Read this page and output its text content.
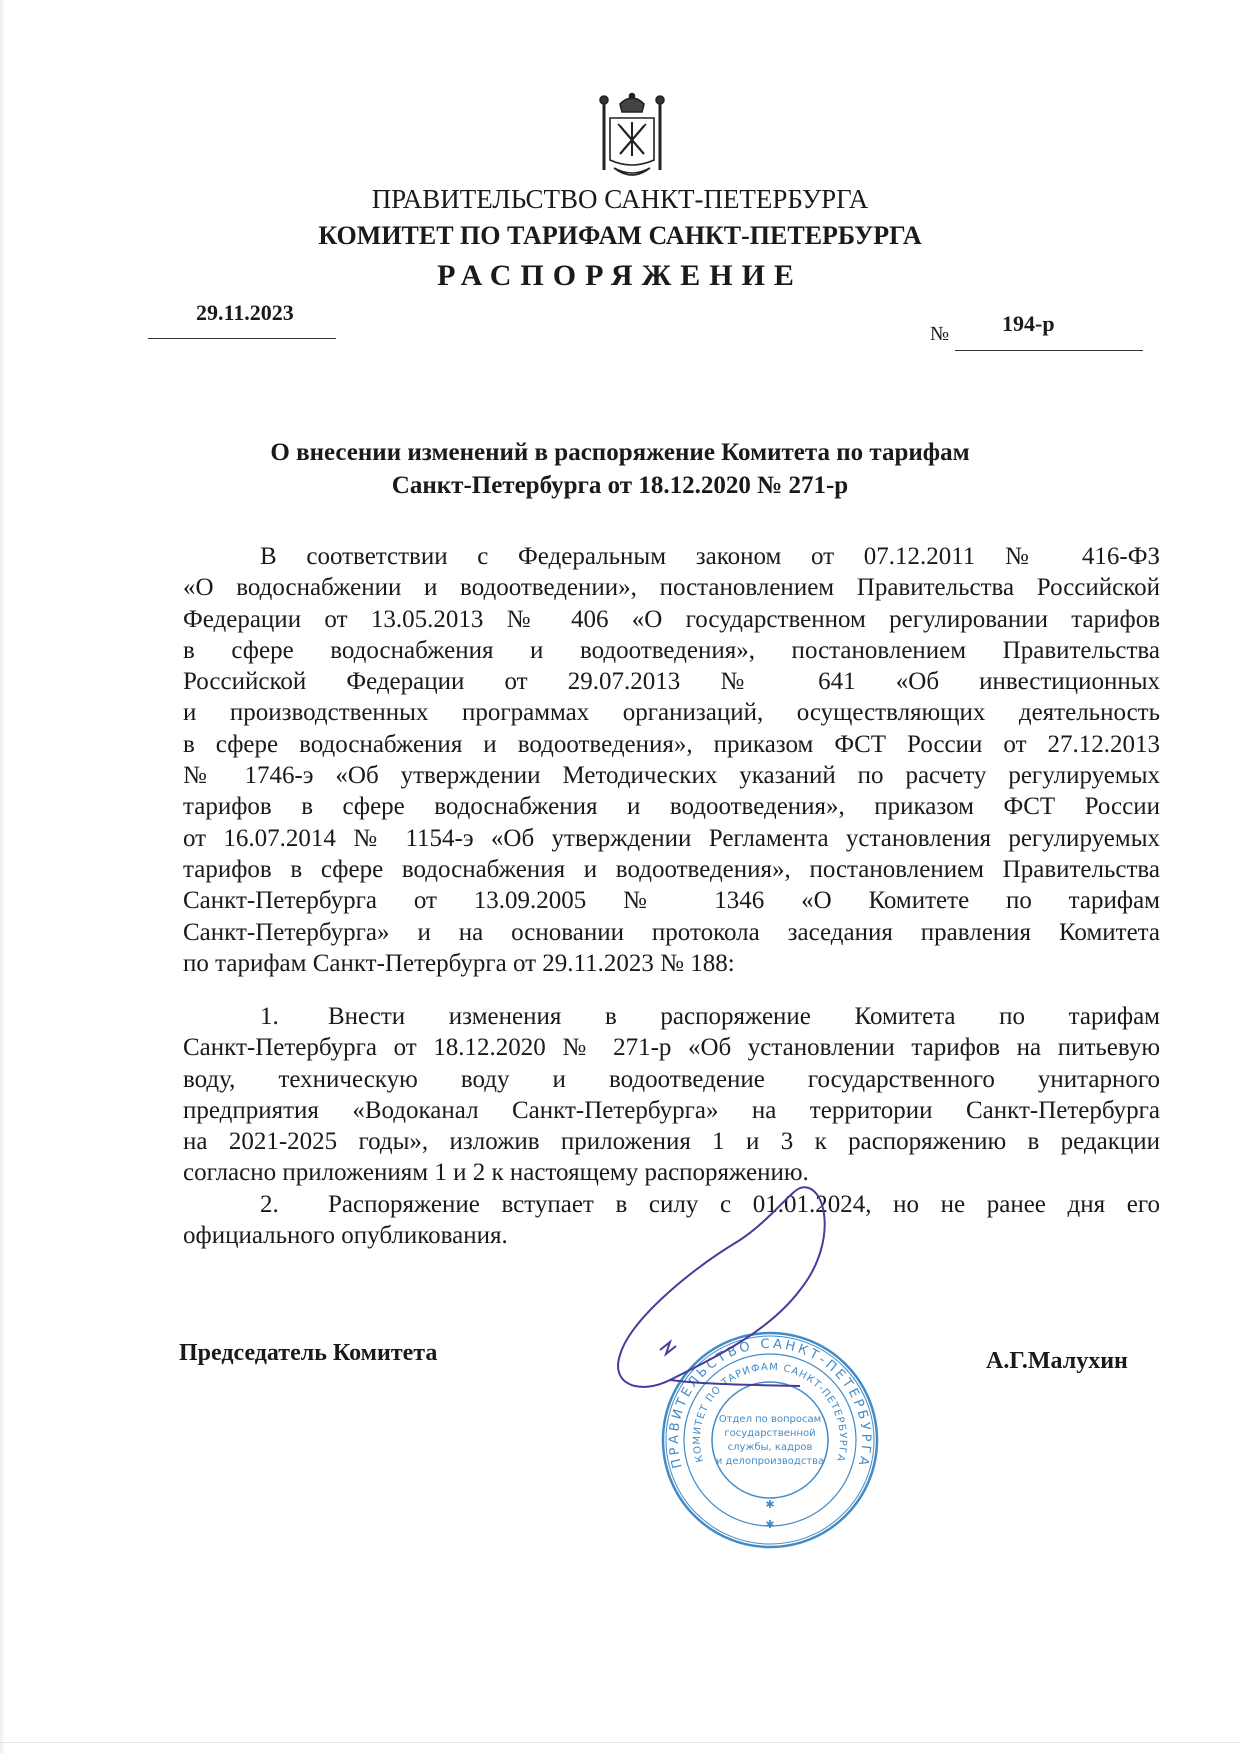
ПРАВИТЕЛЬСТВО САНКТ-ПЕТЕРБУРГА
КОМИТЕТ ПО ТАРИФАМ САНКТ-ПЕТЕРБУРГА
РАСПОРЯЖЕНИЕ
29.11.2023
№ 194-р
О внесении изменений в распоряжение Комитета по тарифам
Санкт-Петербурга от 18.12.2020 № 271-р
В соответствии с Федеральным законом от 07.12.2011 № 416-ФЗ
«О водоснабжении и водоотведении», постановлением Правительства Российской
Федерации от 13.05.2013 № 406 «О государственном регулировании тарифов
в сфере водоснабжения и водоотведения», постановлением Правительства
Российской Федерации от 29.07.2013 № 641 «Об инвестиционных
и производственных программах организаций, осуществляющих деятельность
в сфере водоснабжения и водоотведения», приказом ФСТ России от 27.12.2013
№ 1746-э «Об утверждении Методических указаний по расчету регулируемых
тарифов в сфере водоснабжения и водоотведения», приказом ФСТ России
от 16.07.2014 № 1154-э «Об утверждении Регламента установления регулируемых
тарифов в сфере водоснабжения и водоотведения», постановлением Правительства
Санкт-Петербурга от 13.09.2005 № 1346 «О Комитете по тарифам
Санкт-Петербурга» и на основании протокола заседания правления Комитета
по тарифам Санкт-Петербурга от 29.11.2023 № 188:
1. Внести изменения в распоряжение Комитета по тарифам
Санкт-Петербурга от 18.12.2020 № 271-р «Об установлении тарифов на питьевую
воду, техническую воду и водоотведение государственного унитарного
предприятия «Водоканал Санкт-Петербурга» на территории Санкт-Петербурга
на 2021-2025 годы», изложив приложения 1 и 3 к распоряжению в редакции
согласно приложениям 1 и 2 к настоящему распоряжению.
2. Распоряжение вступает в силу с 01.01.2024, но не ранее дня его
официального опубликования.
Председатель Комитета
ПРАВИТЕЛЬСТВО САНКТ-ПЕТЕРБУРГА
КОМИТЕТ ПО ТАРИФАМ САНКТ-ПЕТЕРБУРГА
Отдел по вопросам
государственной
службы, кадров
и делопроизводства
✱
✱
А.Г.Малухин
